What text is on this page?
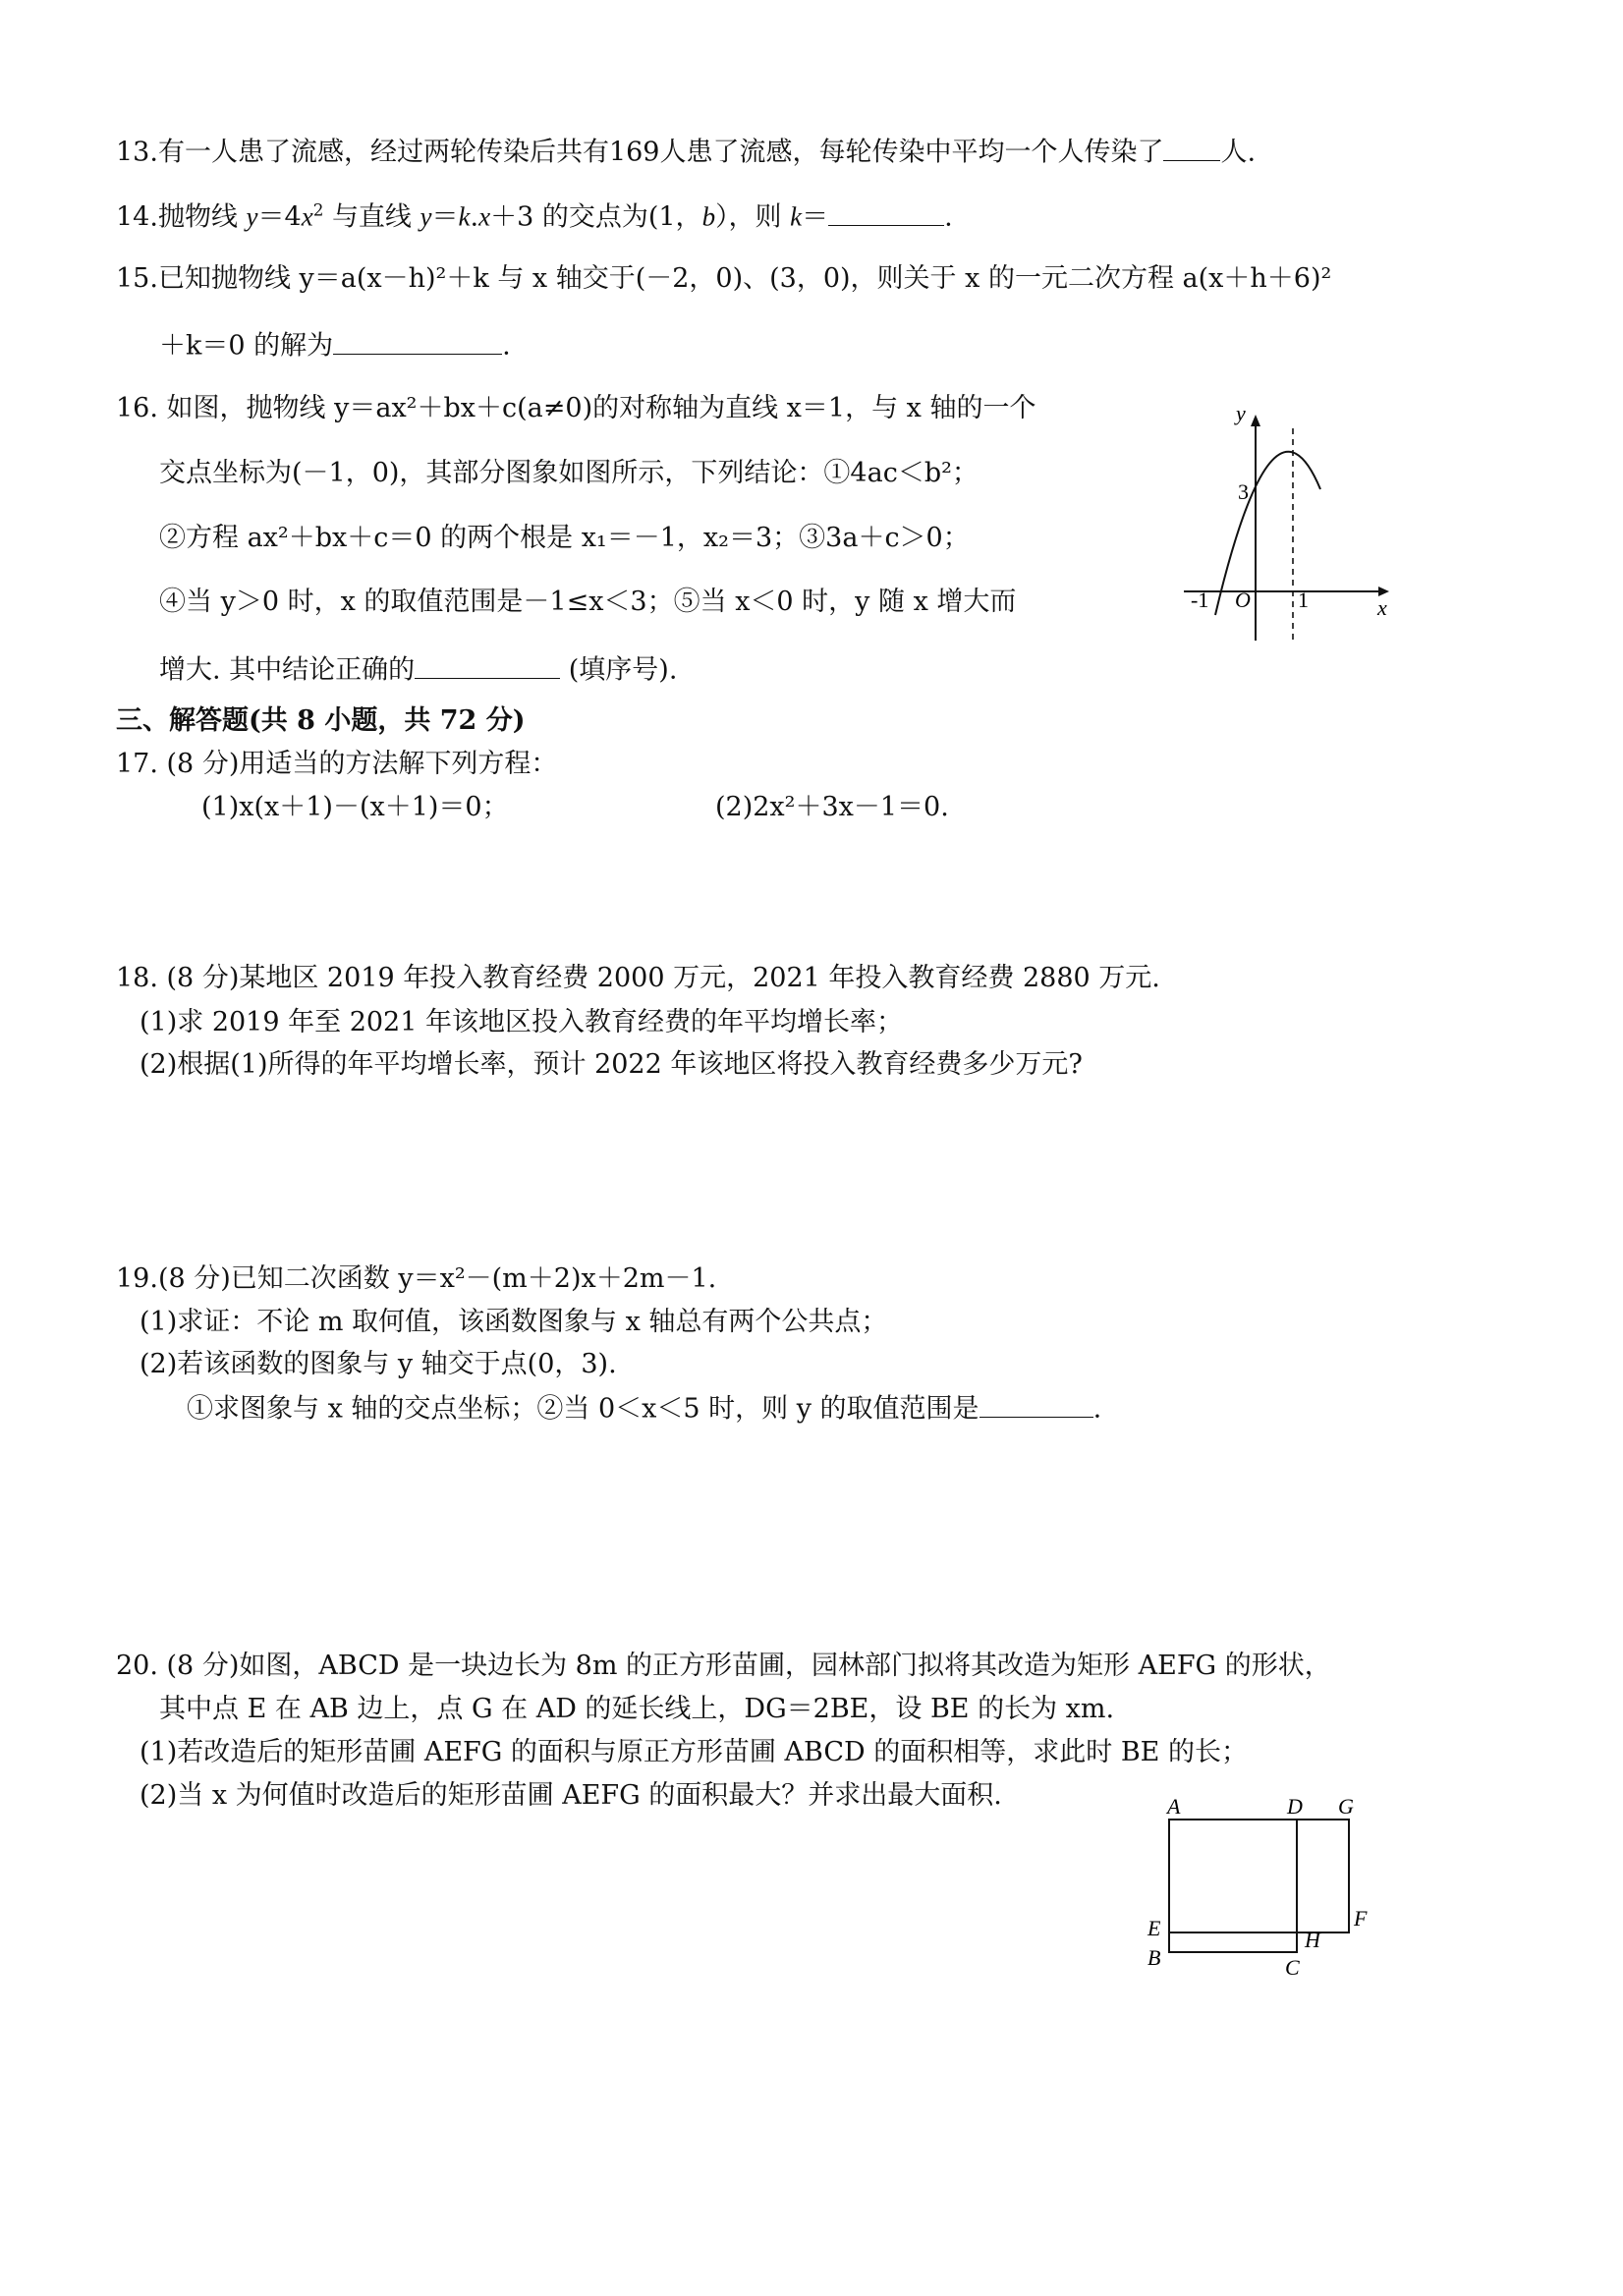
13.有一人患了流感，经过两轮传染后共有169人患了流感，每轮传染中平均一个人传染了 人.
14.抛物线 $y=4x^2$ 与直线 y＝k.x＋3 的交点为(1，b），则 k＝	.
15.已知抛物线 y＝a(x－h)²＋k 与 x 轴交于(－2，0)、(3，0)，则关于 x 的一元二次方程 a(x＋h＋6)²
＋k＝0 的解为	.
16. 如图，抛物线 y＝ax²＋bx＋c(a≠0)的对称轴为直线 x＝1，与 x 轴的一个
交点坐标为(－1，0)，其部分图象如图所示，下列结论：①4ac＜b²；
②方程 ax²＋bx＋c＝0 的两个根是 x₁＝－1，x₂＝3；③3a＋c＞0；
④当 y＞0 时，x 的取值范围是－1≤x＜3；⑤当 x＜0 时，y 随 x 增大而
增大. 其中结论正确的	(填序号).
y
x
3
-1 O 1
三、解答题(共 8 小题，共 72 分)
17. (8 分)用适当的方法解下列方程：
(1)x(x＋1)－(x＋1)＝0；	(2)2x²＋3x－1＝0.
18. (8 分)某地区 2019 年投入教育经费 2000 万元，2021 年投入教育经费 2880 万元.
(1)求 2019 年至 2021 年该地区投入教育经费的年平均增长率；
(2)根据(1)所得的年平均增长率，预计 2022 年该地区将投入教育经费多少万元?
19.(8 分)已知二次函数 y＝x²－(m＋2)x＋2m－1.
(1)求证：不论 m 取何值，该函数图象与 x 轴总有两个公共点；
(2)若该函数的图象与 y 轴交于点(0，3).
①求图象与 x 轴的交点坐标；②当 0＜x＜5 时，则 y 的取值范围是	.
20. (8 分)如图，ABCD 是一块边长为 8m 的正方形苗圃，园林部门拟将其改造为矩形 AEFG 的形状，
其中点 E 在 AB 边上，点 G 在 AD 的延长线上，DG＝2BE，设 BE 的长为 xm.
(1)若改造后的矩形苗圃 AEFG 的面积与原正方形苗圃 ABCD 的面积相等，求此时 BE 的长；
(2)当 x 为何值时改造后的矩形苗圃 AEFG 的面积最大？并求出最大面积.	A	D G
E	F
H
B	C
